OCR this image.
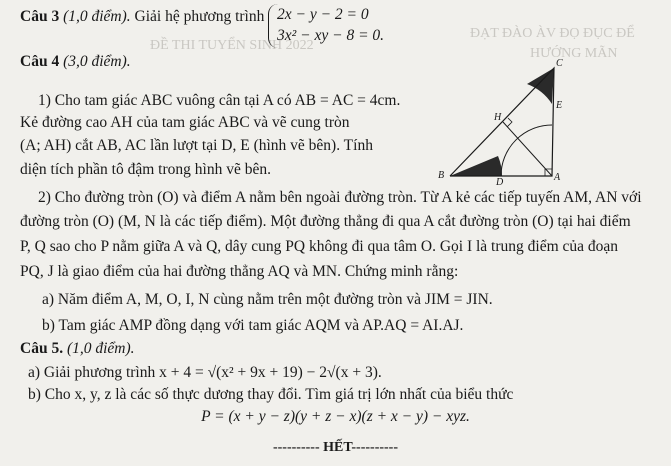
ĐẠT ĐÀO ÀV ĐỌ ĐỤC ĐỂ
HƯỚNG MÃN
ĐỀ THI TUYỂN SINH 2022
Câu 3 (1,0 điểm). Giải hệ phương trình 2x − y − 2 = 0
3x² − xy − 8 = 0.
Câu 4 (3,0 điểm).
1) Cho tam giác ABC vuông cân tại A có AB = AC = 4cm.
Kẻ đường cao AH của tam giác ABC và vẽ cung tròn
(A; AH) cắt AB, AC lần lượt tại D, E (hình vẽ bên). Tính
diện tích phần tô đậm trong hình vẽ bên.
2) Cho đường tròn (O) và điểm A nằm bên ngoài đường tròn. Từ A kẻ các tiếp tuyến AM, AN với
đường tròn (O) (M, N là các tiếp điểm). Một đường thẳng đi qua A cắt đường tròn (O) tại hai điểm
P, Q sao cho P nằm giữa A và Q, dây cung PQ không đi qua tâm O. Gọi I là trung điểm của đoạn
PQ, J là giao điểm của hai đường thẳng AQ và MN. Chứng minh rằng:
a) Năm điểm A, M, O, I, N cùng nằm trên một đường tròn và JIM = JIN.
b) Tam giác AMP đồng dạng với tam giác AQM và AP.AQ = AI.AJ.
Câu 5. (1,0 điểm).
a) Giải phương trình x + 4 = √(x² + 9x + 19) − 2√(x + 3).
b) Cho x, y, z là các số thực dương thay đổi. Tìm giá trị lớn nhất của biểu thức
P = (x + y − z)(y + z − x)(z + x − y) − xyz.
---------- HẾT----------
C
E
H
B
D	A
